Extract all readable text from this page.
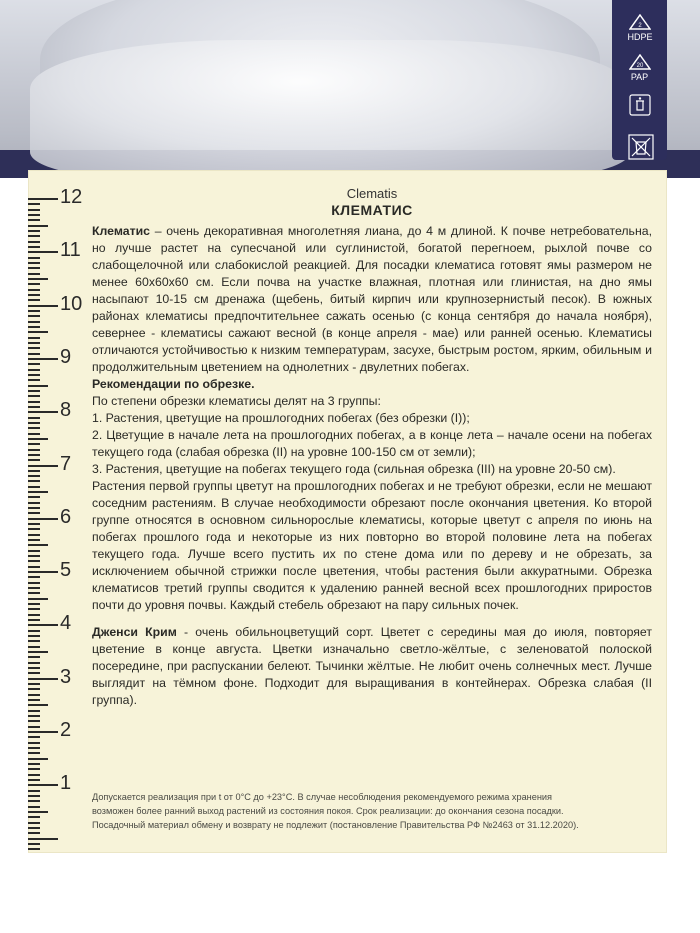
2
HDPE
20
PAP
12
11
10
9
8
7
6
5
4
3
2
1

Clematis

КЛЕМАТИС

Клематис – очень декоративная многолетняя лиана, до 4 м длиной. К почве нетребовательна, но лучше растет на супесчаной или суглинистой, богатой перегноем, рыхлой почве со слабощелочной или слабокислой реакцией. Для посадки клематиса готовят ямы размером не менее 60х60х60 см. Если почва на участке влажная, плотная или глинистая, на дно ямы насыпают 10-15 см дренажа (щебень, битый кирпич или крупнозернистый песок). В южных районах клематисы предпочтительнее сажать осенью (с конца сентября до начала ноября), севернее - клематисы сажают весной (в конце апреля - мае) или ранней осенью. Клематисы отличаются устойчивостью к низким температурам, засухе, быстрым ростом, ярким, обильным и продолжительным цветением на однолетних - двулетних побегах.

Рекомендации по обрезке.

По степени обрезки клематисы делят на 3 группы:

1. Растения, цветущие на прошлогодних побегах (без обрезки (I));

2. Цветущие в начале лета на прошлогодних побегах, а в конце лета – начале осени на побегах текущего года (слабая обрезка (II) на уровне 100-150 см от земли);

3. Растения, цветущие на побегах текущего года (сильная обрезка (III) на уровне 20-50 см).

Растения первой группы цветут на прошлогодних побегах и не требуют обрезки, если не мешают соседним растениям. В случае необходимости обрезают после окончания цветения. Ко второй группе относятся в основном сильнорослые клематисы, которые цветут с апреля по июнь на побегах прошлого года и некоторые из них повторно во второй половине лета на побегах текущего года. Лучше всего пустить их по стене дома или по дереву и не обрезать, за исключением обычной стрижки после цветения, чтобы растения были аккуратными. Обрезка клематисов третий группы сводится к удалению ранней весной всех прошлогодних приростов почти до уровня почвы. Каждый стебель обрезают на пару сильных почек.

Дженси Крим - очень обильноцветущий сорт. Цветет с середины мая до июля, повторяет цветение в конце августа. Цветки изначально светло-жёлтые, с зеленоватой полоской посередине, при распускании белеют. Тычинки жёлтые. Не любит очень солнечных мест. Лучше выглядит на тёмном фоне. Подходит для выращивания в контейнерах. Обрезка слабая (II группа).

Допускается реализация при t от 0°С до +23°С. В случае несоблюдения рекомендуемого режима хранения

возможен более ранний выход растений из состояния покоя. Срок реализации: до окончания сезона посадки.

Посадочный материал обмену и возврату не подлежит (постановление Правительства РФ №2463 от 31.12.2020).
